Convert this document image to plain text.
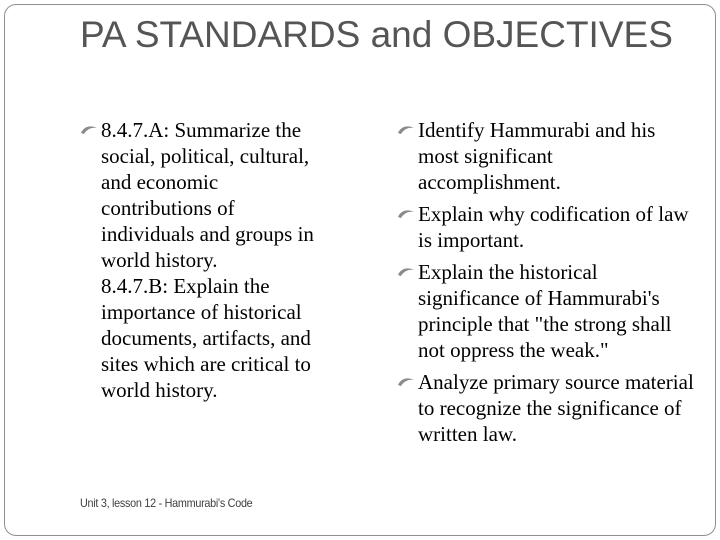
PA STANDARDS and OBJECTIVES
8.4.7.A: Summarize the
social, political, cultural,
and economic
contributions of
individuals and groups in
world history.
8.4.7.B: Explain the
importance of historical
documents, artifacts, and
sites which are critical to
world history.
Identify Hammurabi and his most significant accomplishment.
Explain why codification of law is important.
Explain the historical significance of Hammurabi's principle that "the strong shall not oppress the weak."
Analyze primary source material to recognize the significance of written law.
Unit 3, lesson 12 - Hammurabi's Code
